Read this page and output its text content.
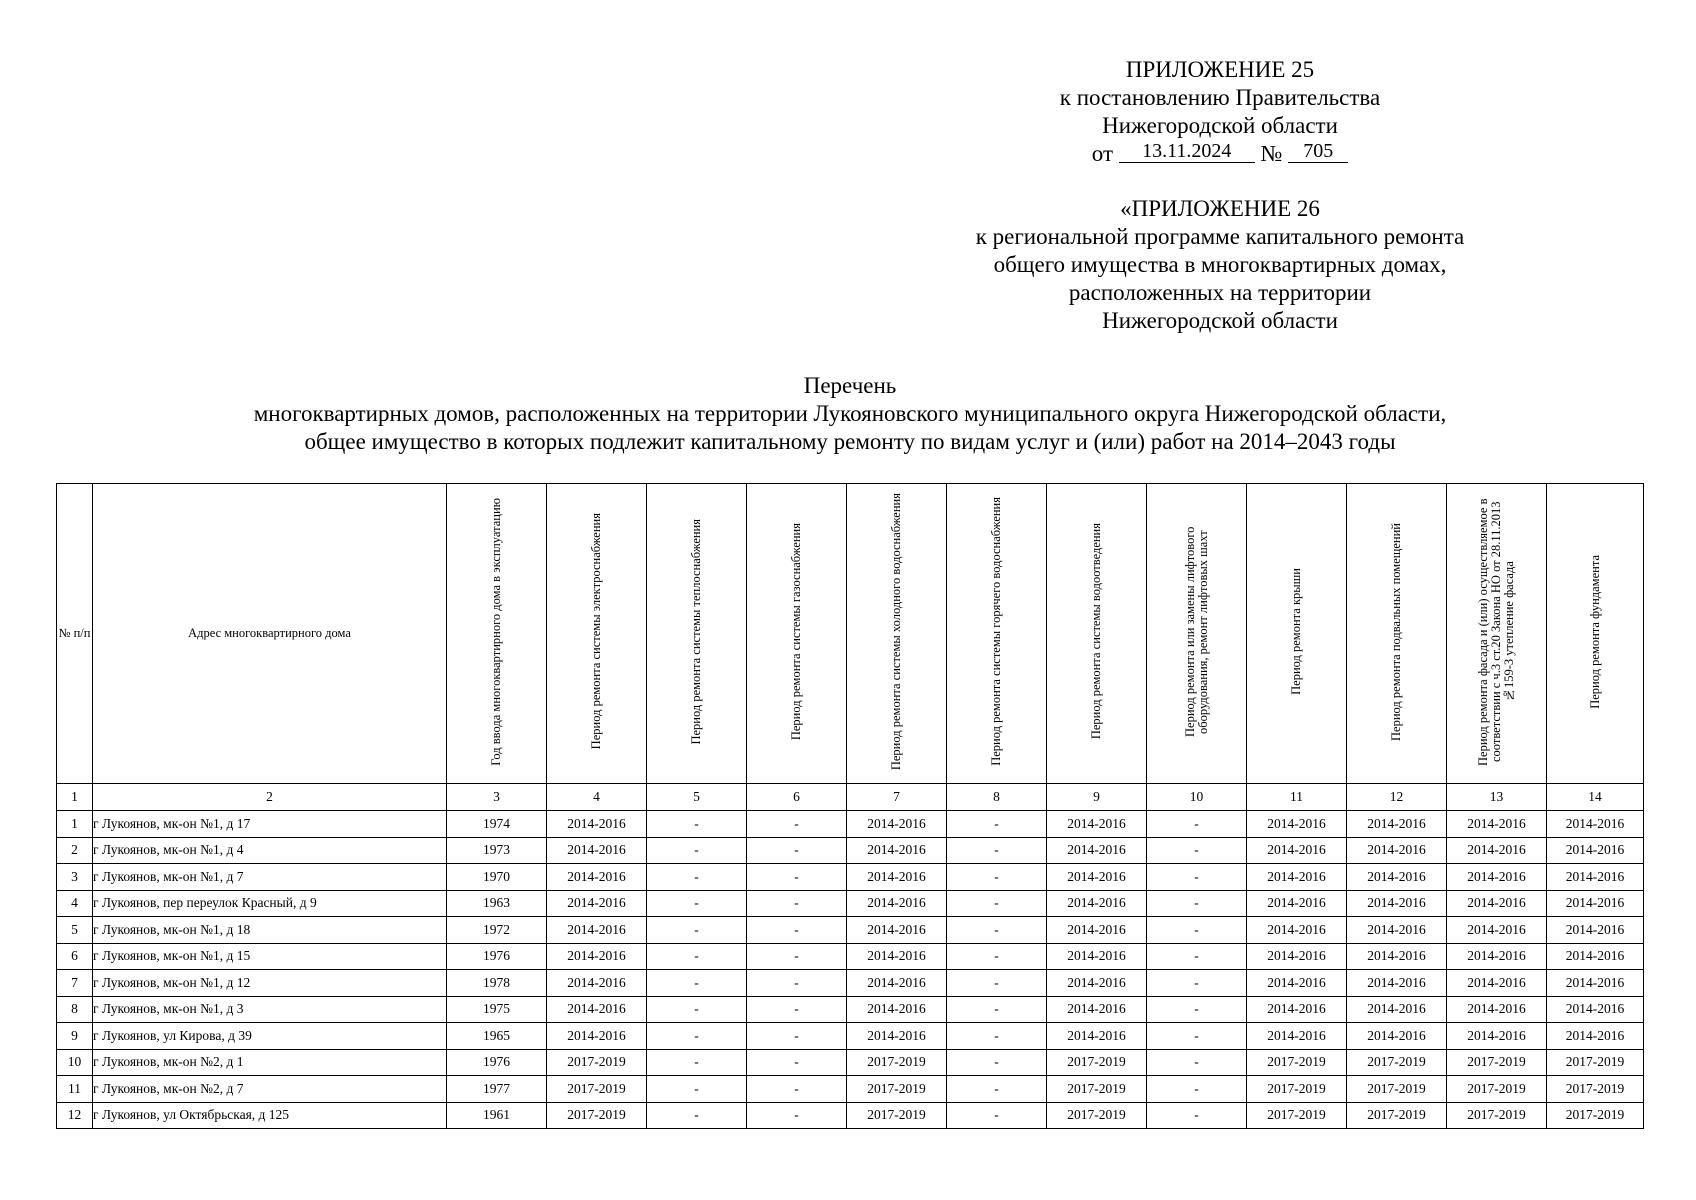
ПРИЛОЖЕНИЕ 25
к постановлению Правительства
Нижегородской области
от 13.11.2024 № 705
«ПРИЛОЖЕНИЕ 26
к региональной программе капитального ремонта
общего имущества в многоквартирных домах,
расположенных на территории
Нижегородской области
Перечень
многоквартирных домов, расположенных на территории Лукояновского муниципального округа Нижегородской области,
общее имущество в которых подлежит капитальному ремонту по видам услуг и (или) работ на 2014–2043 годы
№ п/п	Адрес многоквартирного дома	Год ввода многоквартирного дома в эксплуатацию	Период ремонта системы электроснабжения	Период ремонта системы теплоснабжения	Период ремонта системы газоснабжения	Период ремонта системы холодного водоснабжения	Период ремонта системы горячего водоснабжения	Период ремонта системы водоотведения	Период ремонта или замены лифтового оборудования, ремонт лифтовых шахт	Период ремонта крыши	Период ремонта подвальных помещений	Период ремонта фасада и (или) осуществляемое в соответствии с ч.3 ст.20 Закона НО от 28.11.2013 №159-З утепление фасада	Период ремонта фундамента
1	2	3	4	5	6	7	8	9	10	11	12	13	14
1	г Лукоянов, мк-он №1, д 17	1974	2014-2016	-	-	2014-2016	-	2014-2016	-	2014-2016	2014-2016	2014-2016	2014-2016
2	г Лукоянов, мк-он №1, д 4	1973	2014-2016	-	-	2014-2016	-	2014-2016	-	2014-2016	2014-2016	2014-2016	2014-2016
3	г Лукоянов, мк-он №1, д 7	1970	2014-2016	-	-	2014-2016	-	2014-2016	-	2014-2016	2014-2016	2014-2016	2014-2016
4	г Лукоянов, пер переулок Красный, д 9	1963	2014-2016	-	-	2014-2016	-	2014-2016	-	2014-2016	2014-2016	2014-2016	2014-2016
5	г Лукоянов, мк-он №1, д 18	1972	2014-2016	-	-	2014-2016	-	2014-2016	-	2014-2016	2014-2016	2014-2016	2014-2016
6	г Лукоянов, мк-он №1, д 15	1976	2014-2016	-	-	2014-2016	-	2014-2016	-	2014-2016	2014-2016	2014-2016	2014-2016
7	г Лукоянов, мк-он №1, д 12	1978	2014-2016	-	-	2014-2016	-	2014-2016	-	2014-2016	2014-2016	2014-2016	2014-2016
8	г Лукоянов, мк-он №1, д 3	1975	2014-2016	-	-	2014-2016	-	2014-2016	-	2014-2016	2014-2016	2014-2016	2014-2016
9	г Лукоянов, ул Кирова, д 39	1965	2014-2016	-	-	2014-2016	-	2014-2016	-	2014-2016	2014-2016	2014-2016	2014-2016
10	г Лукоянов, мк-он №2, д 1	1976	2017-2019	-	-	2017-2019	-	2017-2019	-	2017-2019	2017-2019	2017-2019	2017-2019
11	г Лукоянов, мк-он №2, д 7	1977	2017-2019	-	-	2017-2019	-	2017-2019	-	2017-2019	2017-2019	2017-2019	2017-2019
12	г Лукоянов, ул Октябрьская, д 125	1961	2017-2019	-	-	2017-2019	-	2017-2019	-	2017-2019	2017-2019	2017-2019	2017-2019
